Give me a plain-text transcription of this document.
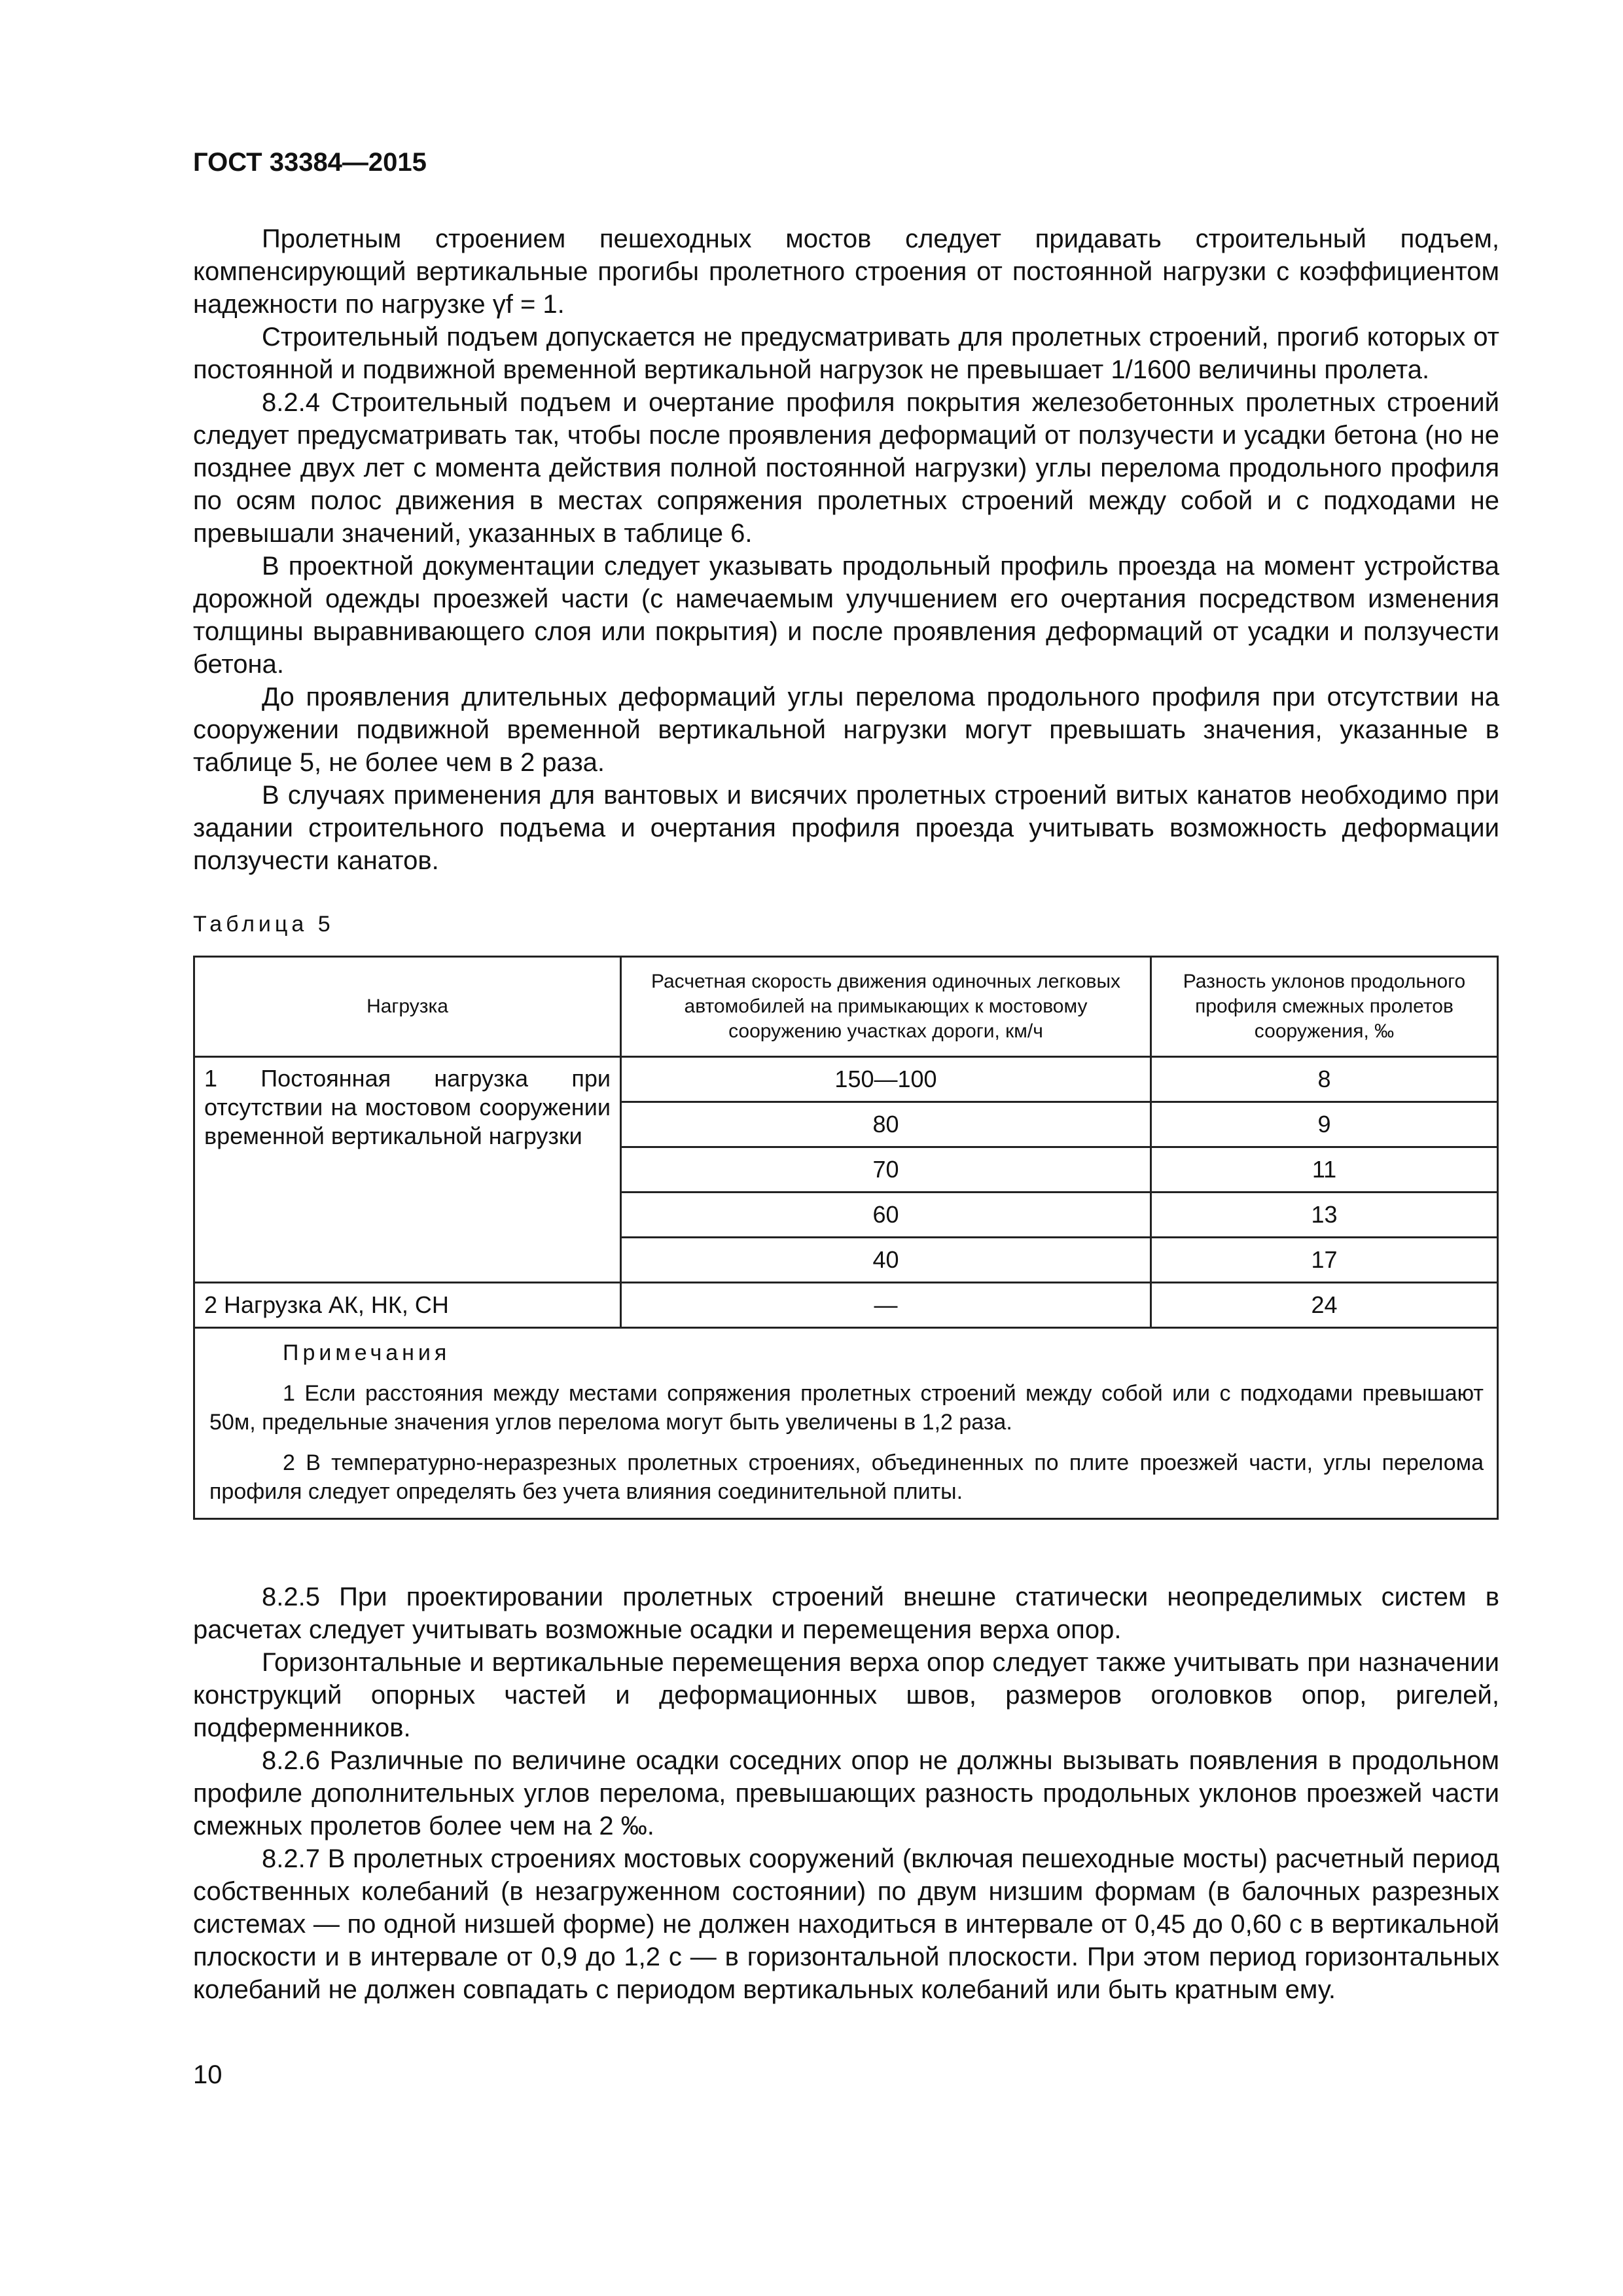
ГОСТ 33384—2015

Пролетным строением пешеходных мостов следует придавать строительный подъем, компенсирующий вертикальные прогибы пролетного строения от постоянной нагрузки с коэффициентом надежности по нагрузке γf = 1.

Строительный подъем допускается не предусматривать для пролетных строений, прогиб которых от постоянной и подвижной временной вертикальной нагрузок не превышает 1/1600 величины пролета.

8.2.4 Строительный подъем и очертание профиля покрытия железобетонных пролетных строений следует предусматривать так, чтобы после проявления деформаций от ползучести и усадки бетона (но не позднее двух лет с момента действия полной постоянной нагрузки) углы перелома продольного профиля по осям полос движения в местах сопряжения пролетных строений между собой и с подходами не превышали значений, указанных в таблице 6.

В проектной документации следует указывать продольный профиль проезда на момент устройства дорожной одежды проезжей части (с намечаемым улучшением его очертания посредством изменения толщины выравнивающего слоя или покрытия) и после проявления деформаций от усадки и ползучести бетона.

До проявления длительных деформаций углы перелома продольного профиля при отсутствии на сооружении подвижной временной вертикальной нагрузки могут превышать значения, указанные в таблице 5, не более чем в 2 раза.

В случаях применения для вантовых и висячих пролетных строений витых канатов необходимо при задании строительного подъема и очертания профиля проезда учитывать возможность деформации ползучести канатов.

Таблица 5
Нагрузка	Расчетная скорость движения одиночных легковых автомобилей на примыкающих к мостовому сооружению участках дороги, км/ч	Разность уклонов продольного профиля смежных пролетов сооружения, ‰
1 Постоянная нагрузка при отсутствии на мостовом сооружении временной вертикальной нагрузки	150—100	8
	80	9
	70	11
	60	13
	40	17
2 Нагрузка АК, НК, СН	—	24

Примечания

1 Если расстояния между местами сопряжения пролетных строений между собой или с подходами превышают 50м, предельные значения углов перелома могут быть увеличены в 1,2 раза.

2 В температурно-неразрезных пролетных строениях, объединенных по плите проезжей части, углы перелома профиля следует определять без учета влияния соединительной плиты.		

8.2.5 При проектировании пролетных строений внешне статически неопределимых систем в расчетах следует учитывать возможные осадки и перемещения верха опор.

Горизонтальные и вертикальные перемещения верха опор следует также учитывать при назначении конструкций опорных частей и деформационных швов, размеров оголовков опор, ригелей, подферменников.

8.2.6 Различные по величине осадки соседних опор не должны вызывать появления в продольном профиле дополнительных углов перелома, превышающих разность продольных уклонов проезжей части смежных пролетов более чем на 2 ‰.

8.2.7 В пролетных строениях мостовых сооружений (включая пешеходные мосты) расчетный период собственных колебаний (в незагруженном состоянии) по двум низшим формам (в балочных разрезных системах — по одной низшей форме) не должен находиться в интервале от 0,45 до 0,60 с в вертикальной плоскости и в интервале от 0,9 до 1,2 с — в горизонтальной плоскости. При этом период горизонтальных колебаний не должен совпадать с периодом вертикальных колебаний или быть кратным ему.

10
